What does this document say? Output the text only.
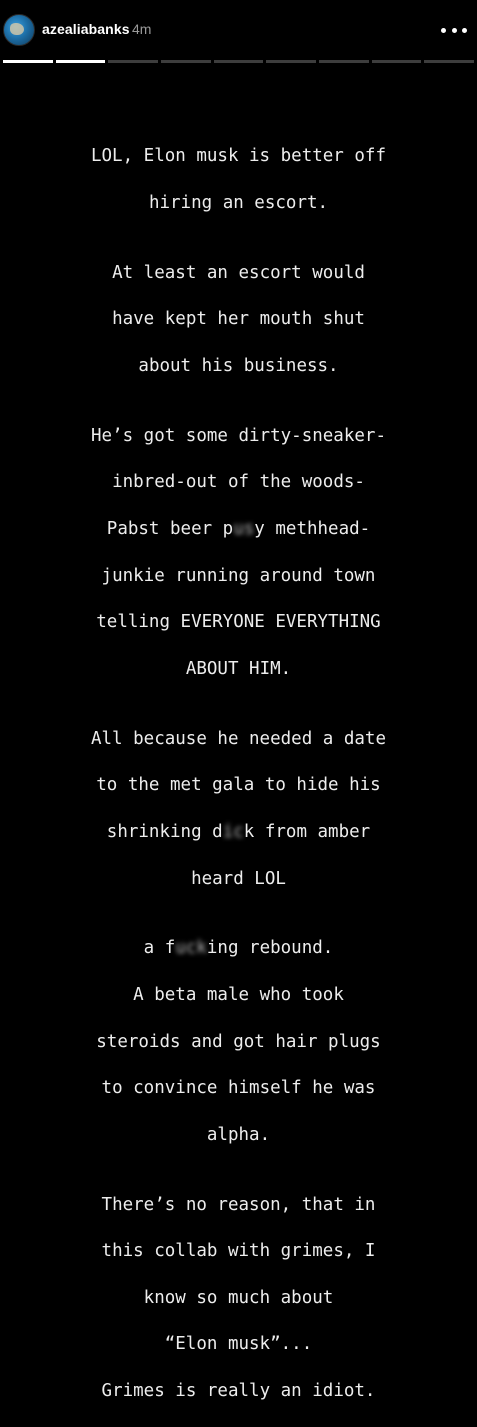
azealiabanks 4m

LOL, Elon musk is better off

hiring an escort.

At least an escort would

have kept her mouth shut

about his business.

He’s got some dirty-sneaker-

inbred-out of the woods-

Pabst beer pusy methhead-

junkie running around town

telling EVERYONE EVERYTHING

ABOUT HIM.

All because he needed a date

to the met gala to hide his

shrinking dick from amber

heard LOL

a fucking rebound.

A beta male who took

steroids and got hair plugs

to convince himself he was

alpha.

There’s no reason, that in

this collab with grimes, I

know so much about

“Elon musk”...

Grimes is really an idiot.
